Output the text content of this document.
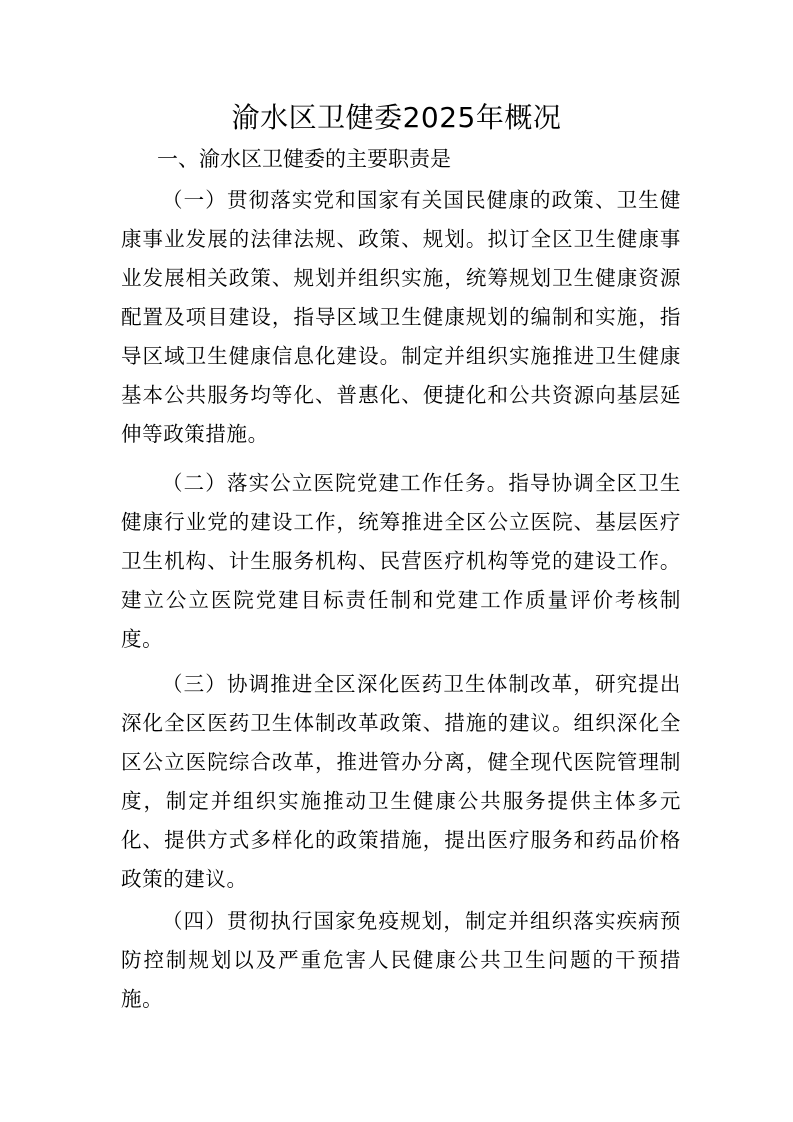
渝水区卫健委2025年概况
一、渝水区卫健委的主要职责是

（一）贯彻落实党和国家有关国民健康的政策、卫生健康事业发展的法律法规、政策、规划。拟订全区卫生健康事业发展相关政策、规划并组织实施，统筹规划卫生健康资源配置及项目建设，指导区域卫生健康规划的编制和实施，指导区域卫生健康信息化建设。制定并组织实施推进卫生健康基本公共服务均等化、普惠化、便捷化和公共资源向基层延伸等政策措施。

（二）落实公立医院党建工作任务。指导协调全区卫生健康行业党的建设工作，统筹推进全区公立医院、基层医疗卫生机构、计生服务机构、民营医疗机构等党的建设工作。建立公立医院党建目标责任制和党建工作质量评价考核制度。

（三）协调推进全区深化医药卫生体制改革，研究提出深化全区医药卫生体制改革政策、措施的建议。组织深化全区公立医院综合改革，推进管办分离，健全现代医院管理制度，制定并组织实施推动卫生健康公共服务提供主体多元化、提供方式多样化的政策措施，提出医疗服务和药品价格政策的建议。

（四）贯彻执行国家免疫规划，制定并组织落实疾病预防控制规划以及严重危害人民健康公共卫生问题的干预措施。
